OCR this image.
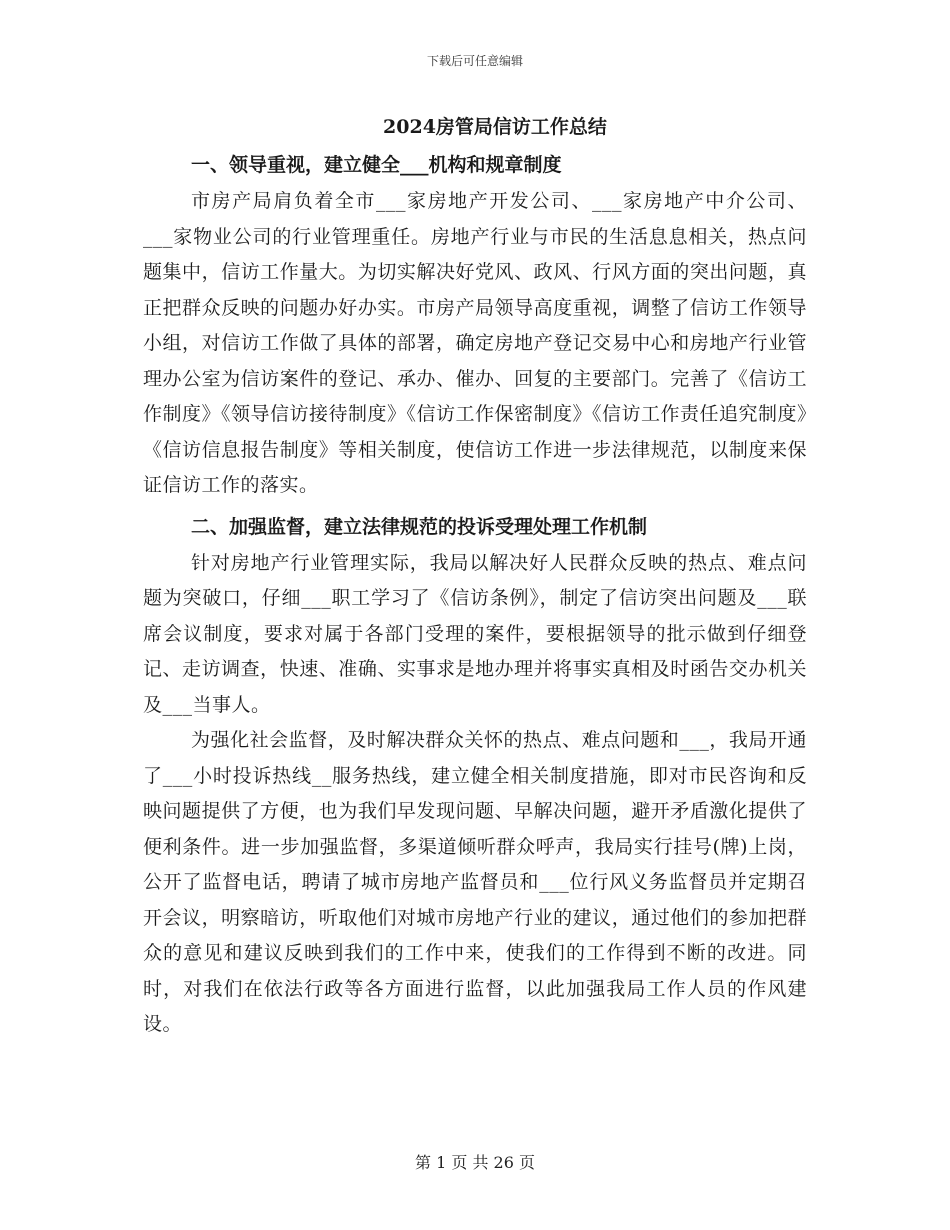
下载后可任意编辑
2024房管局信访工作总结
一、领导重视，建立健全___机构和规章制度

市房产局肩负着全市___家房地产开发公司、___家房地产中介公司、___家物业公司的行业管理重任。房地产行业与市民的生活息息相关，热点问题集中，信访工作量大。为切实解决好党风、政风、行风方面的突出问题，真正把群众反映的问题办好办实。市房产局领导高度重视，调整了信访工作领导小组，对信访工作做了具体的部署，确定房地产登记交易中心和房地产行业管理办公室为信访案件的登记、承办、催办、回复的主要部门。完善了《信访工作制度》《领导信访接待制度》《信访工作保密制度》《信访工作责任追究制度》《信访信息报告制度》等相关制度，使信访工作进一步法律规范，以制度来保证信访工作的落实。

二、加强监督，建立法律规范的投诉受理处理工作机制

针对房地产行业管理实际，我局以解决好人民群众反映的热点、难点问题为突破口，仔细___职工学习了《信访条例》，制定了信访突出问题及___联席会议制度，要求对属于各部门受理的案件，要根据领导的批示做到仔细登记、走访调查，快速、准确、实事求是地办理并将事实真相及时函告交办机关及___当事人。

为强化社会监督，及时解决群众关怀的热点、难点问题和___，我局开通了___小时投诉热线__服务热线，建立健全相关制度措施，即对市民咨询和反映问题提供了方便，也为我们早发现问题、早解决问题，避开矛盾激化提供了便利条件。进一步加强监督，多渠道倾听群众呼声，我局实行挂号(牌)上岗，公开了监督电话，聘请了城市房地产监督员和___位行风义务监督员并定期召开会议，明察暗访，听取他们对城市房地产行业的建议，通过他们的参加把群众的意见和建议反映到我们的工作中来，使我们的工作得到不断的改进。同时，对我们在依法行政等各方面进行监督，以此加强我局工作人员的作风建设。

第 1 页 共 26 页
